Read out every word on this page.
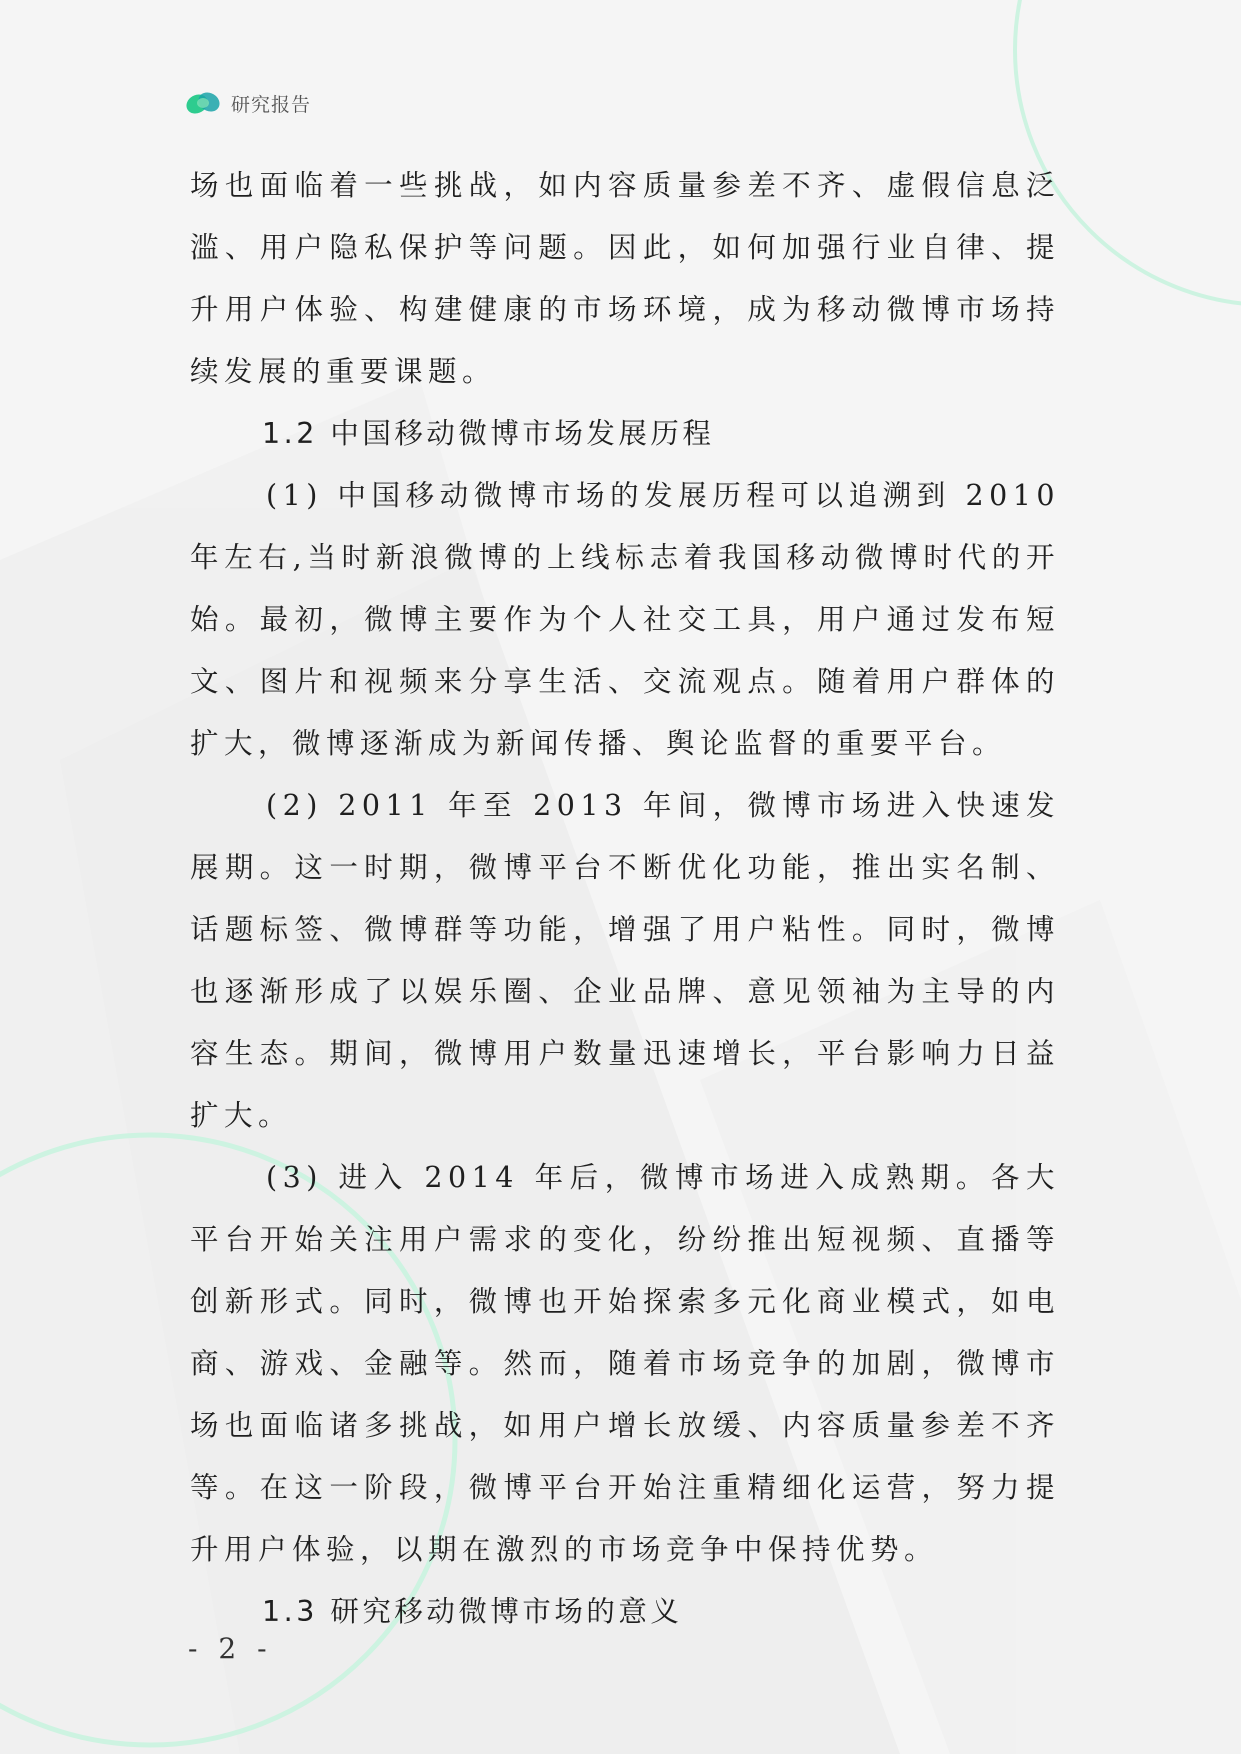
研究报告

场也面临着一些挑战，如内容质量参差不齐、虚假信息泛滥、用户隐私保护等问题。因此，如何加强行业自律、提升用户体验、构建健康的市场环境，成为移动微博市场持续发展的重要课题。

1.2 中国移动微博市场发展历程

(1) 中国移动微博市场的发展历程可以追溯到 2010 年左右,当时新浪微博的上线标志着我国移动微博时代的开始。最初，微博主要作为个人社交工具，用户通过发布短文、图片和视频来分享生活、交流观点。随着用户群体的扩大，微博逐渐成为新闻传播、舆论监督的重要平台。

(2) 2011 年至 2013 年间，微博市场进入快速发展期。这一时期，微博平台不断优化功能，推出实名制、话题标签、微博群等功能，增强了用户粘性。同时，微博也逐渐形成了以娱乐圈、企业品牌、意见领袖为主导的内容生态。期间，微博用户数量迅速增长，平台影响力日益扩大。

(3) 进入 2014 年后，微博市场进入成熟期。各大平台开始关注用户需求的变化，纷纷推出短视频、直播等创新形式。同时，微博也开始探索多元化商业模式，如电商、游戏、金融等。然而，随着市场竞争的加剧，微博市场也面临诸多挑战，如用户增长放缓、内容质量参差不齐等。在这一阶段，微博平台开始注重精细化运营，努力提升用户体验，以期在激烈的市场竞争中保持优势。

1.3 研究移动微博市场的意义

- 2 -
